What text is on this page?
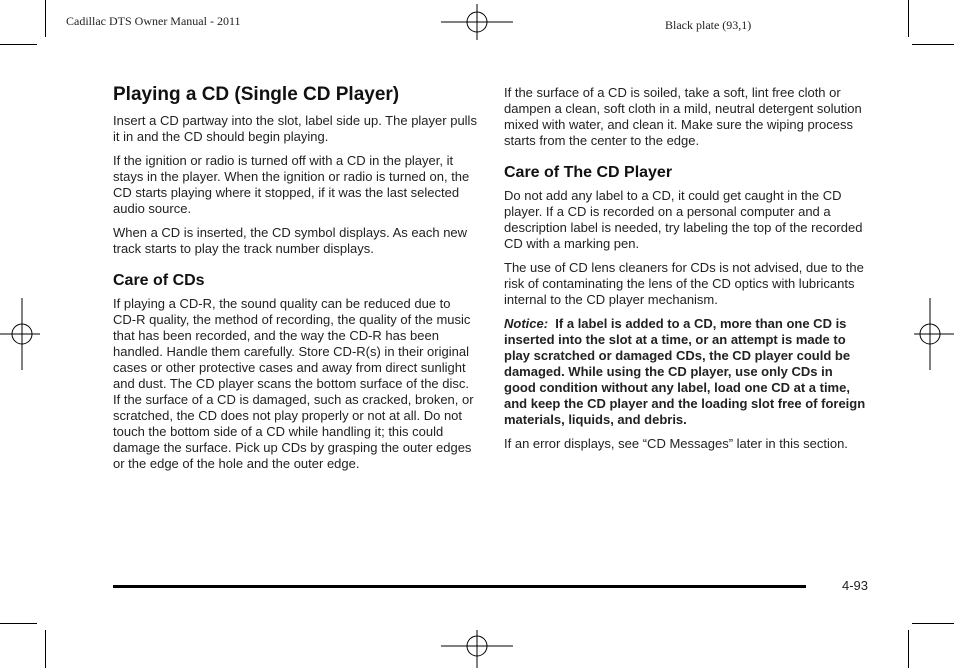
Cadillac DTS Owner Manual - 2011	Black plate (93,1)
Playing a CD (Single CD Player)

Insert a CD partway into the slot, label side up. The player pulls it in and the CD should begin playing.

If the ignition or radio is turned off with a CD in the player, it stays in the player. When the ignition or radio is turned on, the CD starts playing where it stopped, if it was the last selected audio source.

When a CD is inserted, the CD symbol displays. As each new track starts to play the track number displays.

Care of CDs

If playing a CD-R, the sound quality can be reduced due to CD-R quality, the method of recording, the quality of the music that has been recorded, and the way the CD-R has been handled. Handle them carefully. Store CD-R(s) in their original cases or other protective cases and away from direct sunlight and dust. The CD player scans the bottom surface of the disc. If the surface of a CD is damaged, such as cracked, broken, or scratched, the CD does not play properly or not at all. Do not touch the bottom side of a CD while handling it; this could damage the surface. Pick up CDs by grasping the outer edges or the edge of the hole and the outer edge.

If the surface of a CD is soiled, take a soft, lint free cloth or dampen a clean, soft cloth in a mild, neutral detergent solution mixed with water, and clean it. Make sure the wiping process starts from the center to the edge.

Care of The CD Player

Do not add any label to a CD, it could get caught in the CD player. If a CD is recorded on a personal computer and a description label is needed, try labeling the top of the recorded CD with a marking pen.

The use of CD lens cleaners for CDs is not advised, due to the risk of contaminating the lens of the CD optics with lubricants internal to the CD player mechanism.

Notice: If a label is added to a CD, more than one CD is inserted into the slot at a time, or an attempt is made to play scratched or damaged CDs, the CD player could be damaged. While using the CD player, use only CDs in good condition without any label, load one CD at a time, and keep the CD player and the loading slot free of foreign materials, liquids, and debris.

If an error displays, see “CD Messages” later in this section.

4-93
